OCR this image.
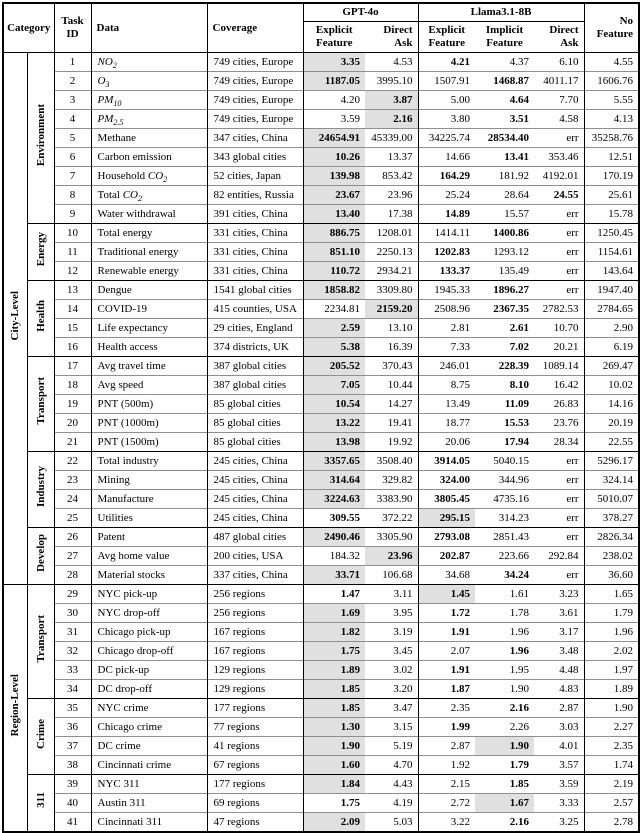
Category		Task ID	Data	Coverage	GPT-4o		Llama3.1-8B			No Feature
					Explicit Feature	Direct Ask	Explicit Feature	Implicit Feature	Direct Ask	
City-Level	Environment	1	$NO_2$	749 cities, Europe	3.35	4.53	4.21	4.37	6.10	4.55
		2	$O_3$	749 cities, Europe	1187.05	3995.10	1507.91	1468.87	4011.17	1606.76
		3	$PM_{10}$	749 cities, Europe	4.20	3.87	5.00	4.64	7.70	5.55
		4	$PM_{2.5}$	749 cities, Europe	3.59	2.16	3.80	3.51	4.58	4.13
		5	Methane	347 cities, China	24654.91	45339.00	34225.74	28534.40	err	35258.76
		6	Carbon emission	343 global cities	10.26	13.37	14.66	13.41	353.46	12.51
		7	Household $CO_2$	52 cities, Japan	139.98	853.42	164.29	181.92	4192.01	170.19
		8	Total $CO_2$	82 entities, Russia	23.67	23.96	25.24	28.64	24.55	25.61
		9	Water withdrawal	391 cities, China	13.40	17.38	14.89	15.57	err	15.78
	Energy	10	Total energy	331 cities, China	886.75	1208.01	1414.11	1400.86	err	1250.45
		11	Traditional energy	331 cities, China	851.10	2250.13	1202.83	1293.12	err	1154.61
		12	Renewable energy	331 cities, China	110.72	2934.21	133.37	135.49	err	143.64
	Health	13	Dengue	1541 global cities	1858.82	3309.80	1945.33	1896.27	err	1947.40
		14	COVID-19	415 counties, USA	2234.81	2159.20	2508.96	2367.35	2782.53	2784.65
		15	Life expectancy	29 cities, England	2.59	13.10	2.81	2.61	10.70	2.90
		16	Health access	374 districts, UK	5.38	16.39	7.33	7.02	20.21	6.19
	Transport	17	Avg travel time	387 global cities	205.52	370.43	246.01	228.39	1089.14	269.47
		18	Avg speed	387 global cities	7.05	10.44	8.75	8.10	16.42	10.02
		19	PNT (500m)	85 global cities	10.54	14.27	13.49	11.09	26.83	14.16
		20	PNT (1000m)	85 global cities	13.22	19.41	18.77	15.53	23.76	20.19
		21	PNT (1500m)	85 global cities	13.98	19.92	20.06	17.94	28.34	22.55
	Industry	22	Total industry	245 cities, China	3357.65	3508.40	3914.05	5040.15	err	5296.17
		23	Mining	245 cities, China	314.64	329.82	324.00	344.96	err	324.14
		24	Manufacture	245 cities, China	3224.63	3383.90	3805.45	4735.16	err	5010.07
		25	Utilities	245 cities, China	309.55	372.22	295.15	314.23	err	378.27
	Develop	26	Patent	487 global cities	2490.46	3305.90	2793.08	2851.43	err	2826.34
		27	Avg home value	200 cities, USA	184.32	23.96	202.87	223.66	292.84	238.02
		28	Material stocks	337 cities, China	33.71	106.68	34.68	34.24	err	36.60
Region-Level	Transport	29	NYC pick-up	256 regions	1.47	3.11	1.45	1.61	3.23	1.65
		30	NYC drop-off	256 regions	1.69	3.95	1.72	1.78	3.61	1.79
		31	Chicago pick-up	167 regions	1.82	3.19	1.91	1.96	3.17	1.96
		32	Chicago drop-off	167 regions	1.75	3.45	2.07	1.96	3.48	2.02
		33	DC pick-up	129 regions	1.89	3.02	1.91	1.95	4.48	1.97
		34	DC drop-off	129 regions	1.85	3.20	1.87	1.90	4.83	1.89
	Crime	35	NYC crime	177 regions	1.85	3.47	2.35	2.16	2.87	1.90
		36	Chicago crime	77 regions	1.30	3.15	1.99	2.26	3.03	2.27
		37	DC crime	41 regions	1.90	5.19	2.87	1.90	4.01	2.35
		38	Cincinnati crime	67 regions	1.60	4.70	1.92	1.79	3.57	1.74
	311	39	NYC 311	177 regions	1.84	4.43	2.15	1.85	3.59	2.19
		40	Austin 311	69 regions	1.75	4.19	2.72	1.67	3.33	2.57
		41	Cincinnati 311	47 regions	2.09	5.03	3.22	2.16	3.25	2.78
